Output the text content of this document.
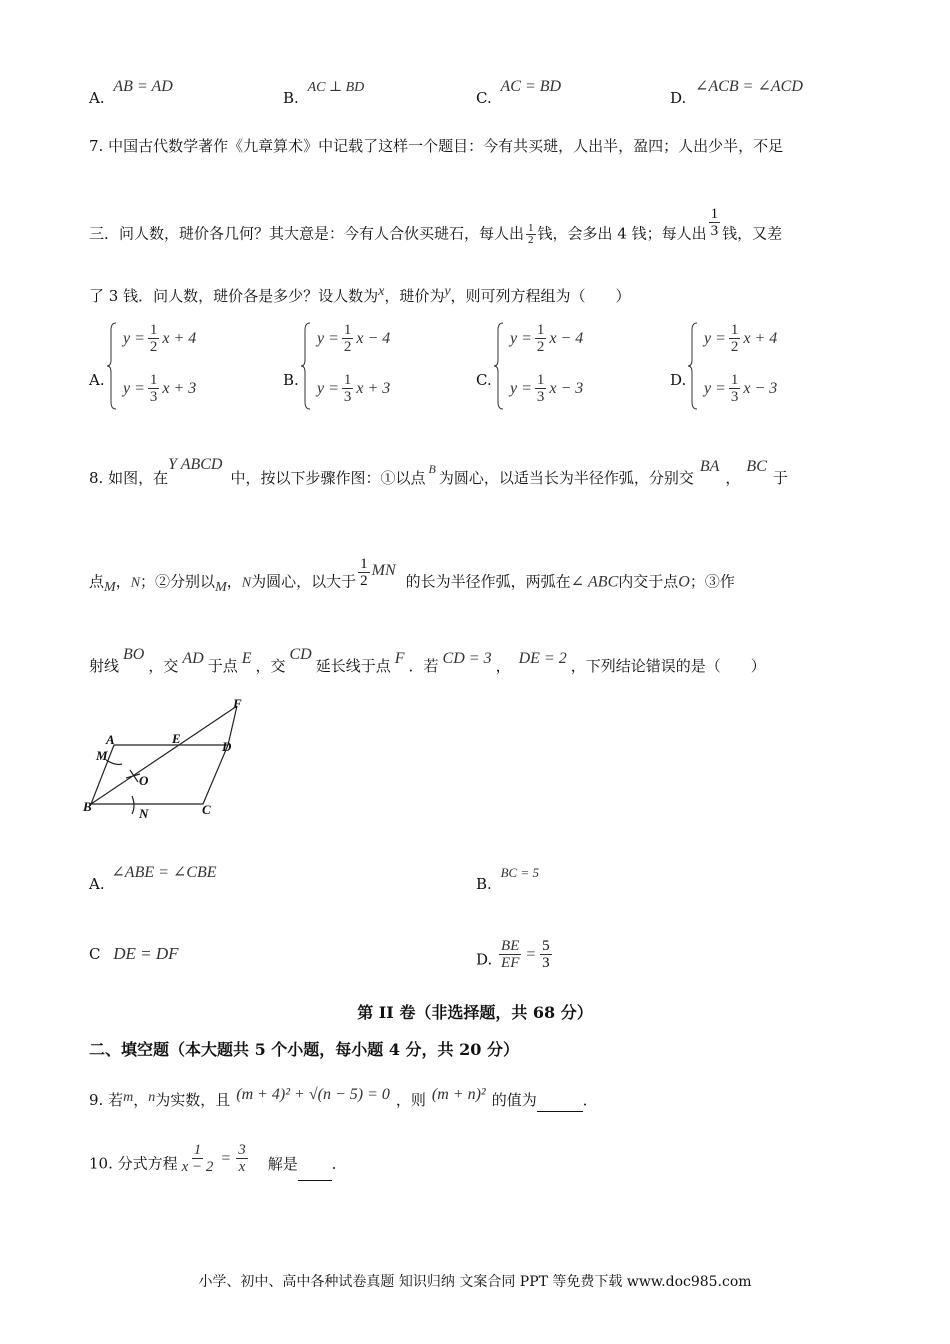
A. AB = AD
B. AC ⊥ BD
C. AC = BD
D. ∠ACB = ∠ACD
7. 中国古代数学著作《九章算术》中记载了这样一个题目：今有共买琎，人出半，盈四；人出少半，不足
三．问人数，琎价各几何？其大意是：今有人合伙买琎石，每人出 $\frac{1}{2}$ 钱，会多出 4 钱；每人出 $\frac{1}{3}$ 钱，又差
了 3 钱．问人数，琎价各是多少？设人数为x，琎价为y，则可列方程组为（　　）
A.
$y = \frac{1}{2}$ x + 4
$y = \frac{1}{3}$ x + 3	B.
$y = \frac{1}{2}$ x − 4
$y = \frac{1}{3}$ x + 3	C.
$y = \frac{1}{2}$ x − 4
$y = \frac{1}{3}$ x − 3	D.
$y = \frac{1}{2}$ x + 4
$y = \frac{1}{3}$ x − 3
8. 如图，在Y ABCD中，按以下步骤作图：①以点 $^B$ 为圆心，以适当长为半径作弧，分别交BA，BC于
点M，N；②分别以M，N为圆心，以大于 $\frac{1}{2}$ MN的长为半径作弧，两弧在∠ ABC内交于点O；③作
射线BO，交 AD 于点 E ，交CD延长线于点 F ．若 CD = 3 ， DE = 2 ，下列结论错误的是（　　）
A
B	C
D
E
F
M
N
O
A. ∠ABE = ∠CBE
B. BC = 5
C DE = DF	D. $\frac{BE}{EF} = \frac{5}{3}$
第 II 卷（非选择题，共 68 分）
二、填空题（本大题共 5 个小题，每小题 4 分，共 20 分）
9. 若m，n为实数，且 (m + 4)² + √(n − 5) = 0 ，则 (m + n)² 的值为	．
10. 分式方程 $\frac{1}{x - 2} = \frac{3}{x}$ 解是 ．
小学、初中、高中各种试卷真题 知识归纳 文案合同 PPT 等免费下载 www.doc985.com
